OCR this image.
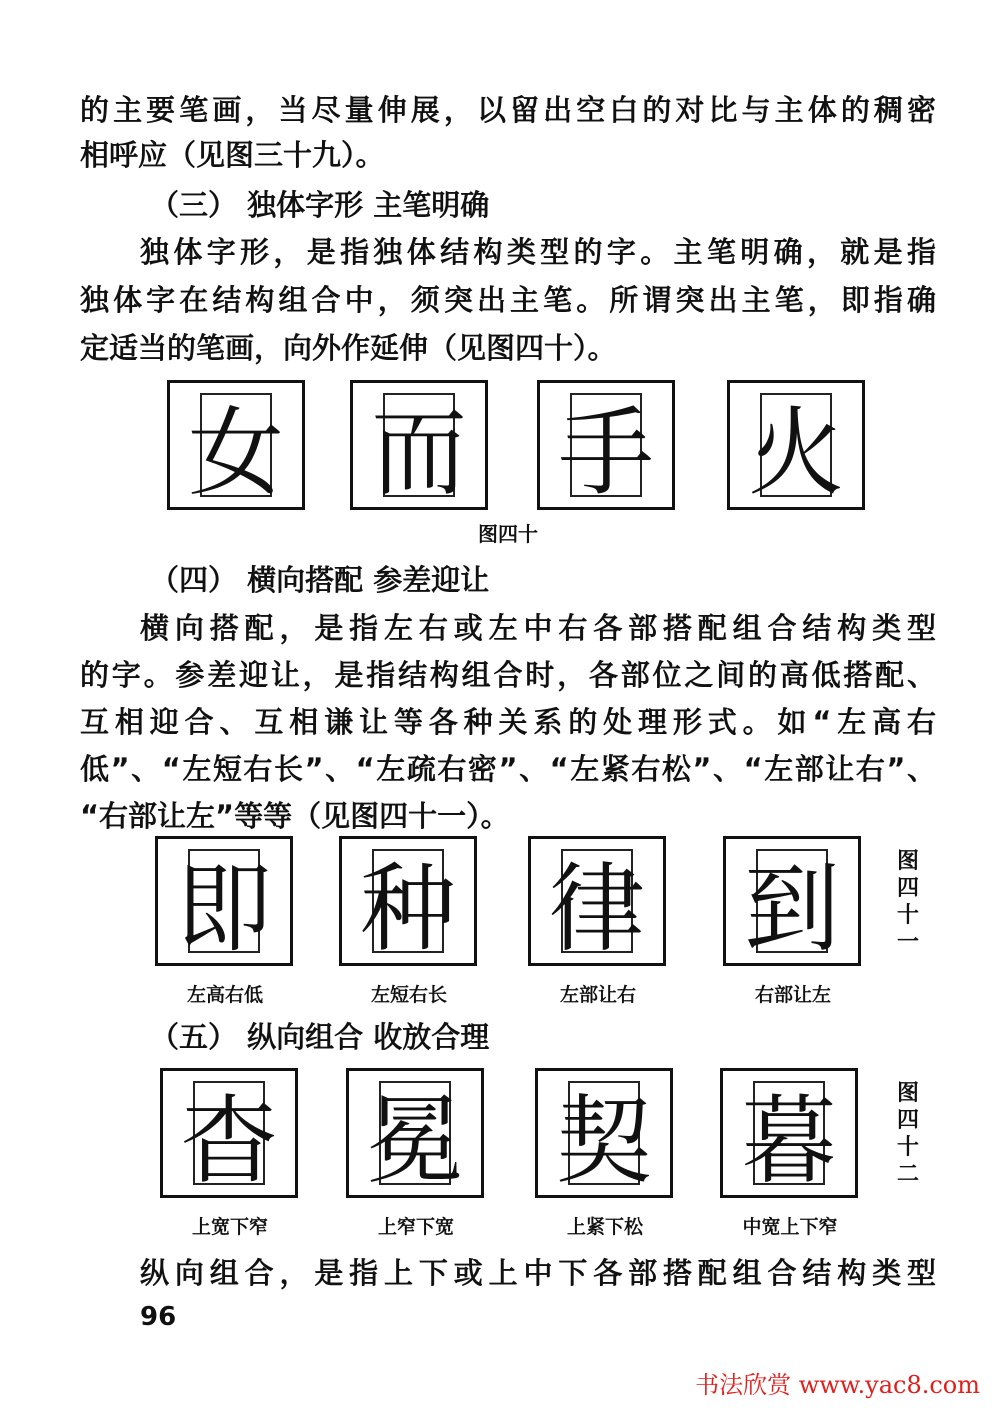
的主要笔画，当尽量伸展，以留出空白的对比与主体的稠密
相呼应（见图三十九）。
（三） 独体字形 主笔明确
独体字形，是指独体结构类型的字。主笔明确，就是指
独体字在结构组合中，须突出主笔。所谓突出主笔，即指确
定适当的笔画，向外作延伸（见图四十）。
女 而 手 火
图四十
（四） 横向搭配 参差迎让
横向搭配，是指左右或左中右各部搭配组合结构类型
的字。参差迎让，是指结构组合时，各部位之间的高低搭配、
互相迎合、互相谦让等各种关系的处理形式。如“左高右
低”、“左短右长”、“左疏右密”、“左紧右松”、“左部让右”、
“右部让左”等等（见图四十一）。
即 种 律 到
左高右低	左短右长	左部让右	右部让左
图四十一
（五） 纵向组合 收放合理
杳 冕 契 暮
上宽下窄	上窄下宽	上紧下松	中宽上下窄
图四十二
纵向组合，是指上下或上中下各部搭配组合结构类型
96
书法欣赏 www.yac8.com
